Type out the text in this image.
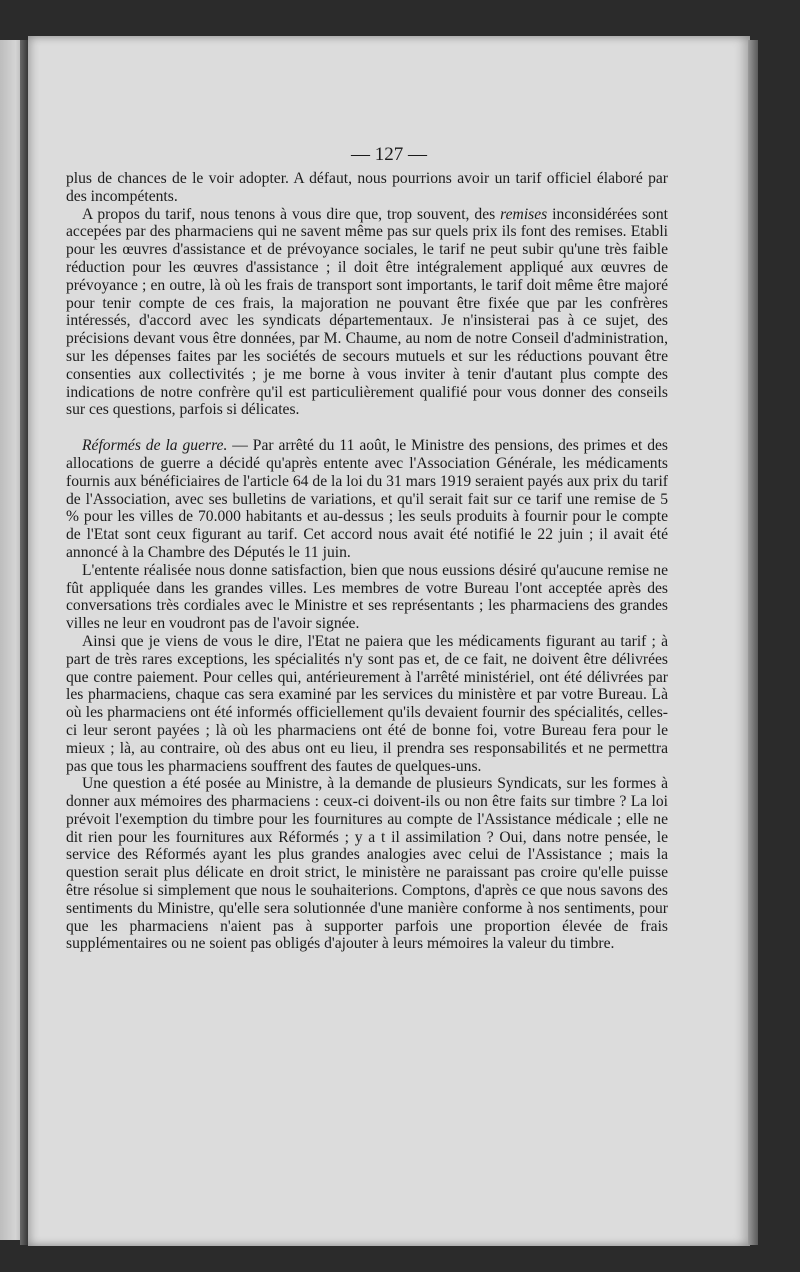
— 127 —

plus de chances de le voir adopter. A défaut, nous pourrions avoir un tarif officiel élaboré par des incompétents.

A propos du tarif, nous tenons à vous dire que, trop souvent, des remises inconsidérées sont accepées par des pharmaciens qui ne savent même pas sur quels prix ils font des remises. Etabli pour les œuvres d'assistance et de prévoyance sociales, le tarif ne peut subir qu'une très faible réduction pour les œuvres d'assistance ; il doit être intégralement appliqué aux œuvres de prévoyance ; en outre, là où les frais de transport sont importants, le tarif doit même être majoré pour tenir compte de ces frais, la majoration ne pouvant être fixée que par les confrères intéressés, d'accord avec les syndicats départementaux. Je n'insisterai pas à ce sujet, des précisions devant vous être données, par M. Chaume, au nom de notre Conseil d'administration, sur les dépenses faites par les sociétés de secours mutuels et sur les réductions pouvant être consenties aux collectivités ; je me borne à vous inviter à tenir d'autant plus compte des indications de notre confrère qu'il est particulièrement qualifié pour vous donner des conseils sur ces questions, parfois si délicates.

Réformés de la guerre. — Par arrêté du 11 août, le Ministre des pensions, des primes et des allocations de guerre a décidé qu'après entente avec l'Association Générale, les médicaments fournis aux bénéficiaires de l'article 64 de la loi du 31 mars 1919 seraient payés aux prix du tarif de l'Association, avec ses bulletins de variations, et qu'il serait fait sur ce tarif une remise de 5 % pour les villes de 70.000 habitants et au-dessus ; les seuls produits à fournir pour le compte de l'Etat sont ceux figurant au tarif. Cet accord nous avait été notifié le 22 juin ; il avait été annoncé à la Chambre des Députés le 11 juin.

L'entente réalisée nous donne satisfaction, bien que nous eussions désiré qu'aucune remise ne fût appliquée dans les grandes villes. Les membres de votre Bureau l'ont acceptée après des conversations très cordiales avec le Ministre et ses représentants ; les pharmaciens des grandes villes ne leur en voudront pas de l'avoir signée.

Ainsi que je viens de vous le dire, l'Etat ne paiera que les médicaments figurant au tarif ; à part de très rares exceptions, les spécialités n'y sont pas et, de ce fait, ne doivent être délivrées que contre paiement. Pour celles qui, antérieurement à l'arrêté ministériel, ont été délivrées par les pharmaciens, chaque cas sera examiné par les services du ministère et par votre Bureau. Là où les pharmaciens ont été informés officiellement qu'ils devaient fournir des spécialités, celles-ci leur seront payées ; là où les pharmaciens ont été de bonne foi, votre Bureau fera pour le mieux ; là, au contraire, où des abus ont eu lieu, il prendra ses responsabilités et ne permettra pas que tous les pharmaciens souffrent des fautes de quelques-uns.

Une question a été posée au Ministre, à la demande de plusieurs Syndicats, sur les formes à donner aux mémoires des pharmaciens : ceux-ci doivent-ils ou non être faits sur timbre ? La loi prévoit l'exemption du timbre pour les fournitures au compte de l'Assistance médicale ; elle ne dit rien pour les fournitures aux Réformés ; y a t il assimilation ? Oui, dans notre pensée, le service des Réformés ayant les plus grandes analogies avec celui de l'Assistance ; mais la question serait plus délicate en droit strict, le ministère ne paraissant pas croire qu'elle puisse être résolue si simplement que nous le souhaiterions. Comptons, d'après ce que nous savons des sentiments du Ministre, qu'elle sera solutionnée d'une manière conforme à nos sentiments, pour que les pharmaciens n'aient pas à supporter parfois une proportion élevée de frais supplémentaires ou ne soient pas obligés d'ajouter à leurs mémoires la valeur du timbre.
